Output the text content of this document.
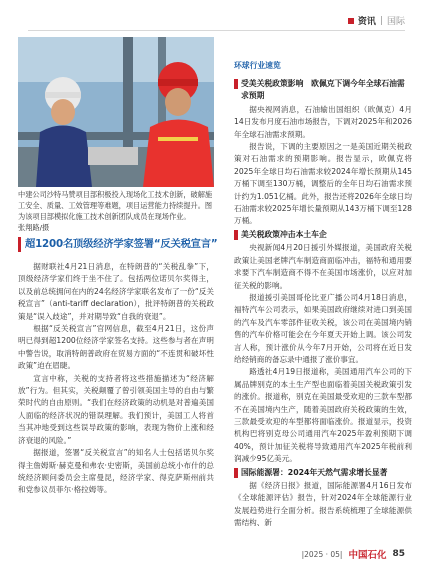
资讯 | 国际
中建公司沙特马赞项目部积极投入现场化工技术创新，破解施工安全、质量、工效管理等难题，项目运营能力持续提升。图为该项目部模拟化施工技术创新团队成员在现场作业。　　　　张翔路/摄
超1200名顶级经济学家签署“反关税宣言”

据财联社4月21日消息，在特朗普的“关税乱拳”下，顶级经济学家们终于坐不住了。包括两位诺贝尔奖得主，以及前总统拥问在内的24名经济学家联名发布了一份“反关税宣言”（anti-tariff declaration），批评特朗普的关税政策是“误入歧途”，并对期导致“自我的衰退”。

根据“反关税宣言”官网信息，截至4月21日，这份声明已得到超1200位经济学家签名支持。这些参与者在声明中警告说，取消特朗普政府在贸易方面的“不连贯和破坏性政策”迫在眉睫。

宣言中称，关税的支持者将这些措施描述为“经济解放”行为。但其实，关税颠覆了曾引领美国主导的自由与繁荣时代的自由原则。“我们在经济政策的动机是对普遍美国人面临的经济状况的错误理解。我们预计，美国工人将首当其冲地受到这些误导政策的影响，表现为物价上涨和经济衰退的风险。”

据报道，签署“反关税宣言”的知名人士包括诺贝尔奖得主詹姆斯·赫克曼和弗农·史密斯，美国前总统小布什的总统经济顾问委员会主席曼昆，经济学家、得克萨斯州前共和党参议员菲尔·格拉姆等。

环球行业速览
受美关税政策影响　欧佩克下调今年全球石油需求预期

据央视网消息，石油输出国组织（欧佩克）4月14日发布月度石油市场报告，下调对2025年和2026年全球石油需求预期。

报告说，下调的主要原因之一是美国近期关税政策对石油需求的预期影响。报告显示，欧佩克将2025年全球日均石油需求较2024年增长预期从145万桶下调至130万桶，调整后的全年日均石油需求预计约为1.051亿桶。此外，报告还将2026年全球日均石油需求较2025年增长量预期从143万桶下调至128万桶。

美关税政策冲击本土车企

央视新闻4月20日援引外媒报道，美国政府关税政策让美国老牌汽车制造商面临冲击，福特和通用要求要下汽车制造商不得不在美国市场涨价，以应对加征关税的影响。

报道援引美国哥伦比亚广播公司4月18日消息，福特汽车公司表示，如果美国政府继续对进口到美国的汽车及汽车零部件征收关税，该公司在美国境内销售的汽车价格可能会在今年夏天开始上调。该公司发言人称，预计涨价从今年7月开始，公司将在近日发给经销商的备忘录中通报了涨价事宜。

路透社4月19日报道称，美国通用汽车公司的下属品牌别克的本土生产型也面临着美国关税政策引发的涨价。报道称，别克在美国最受欢迎的三款车型都不在美国境内生产，随着美国政府关税政策的生效，三款最受欢迎的车型都将面临涨价。报道显示，投资机构巴将别克母公司通用汽车2025年盈利预期下调40%，预计加征关税将导致通用汽车2025年税前利润减少95亿美元。

国际能源署：2024年天然气需求增长显著

据《经济日报》报道，国际能源署4月16日发布《全球能源评估》报告，针对2024年全球能源行业发展趋势进行全面分析。报告系统梳理了全球能源供需结构、新

|2025 · 05| 中国石化 85
